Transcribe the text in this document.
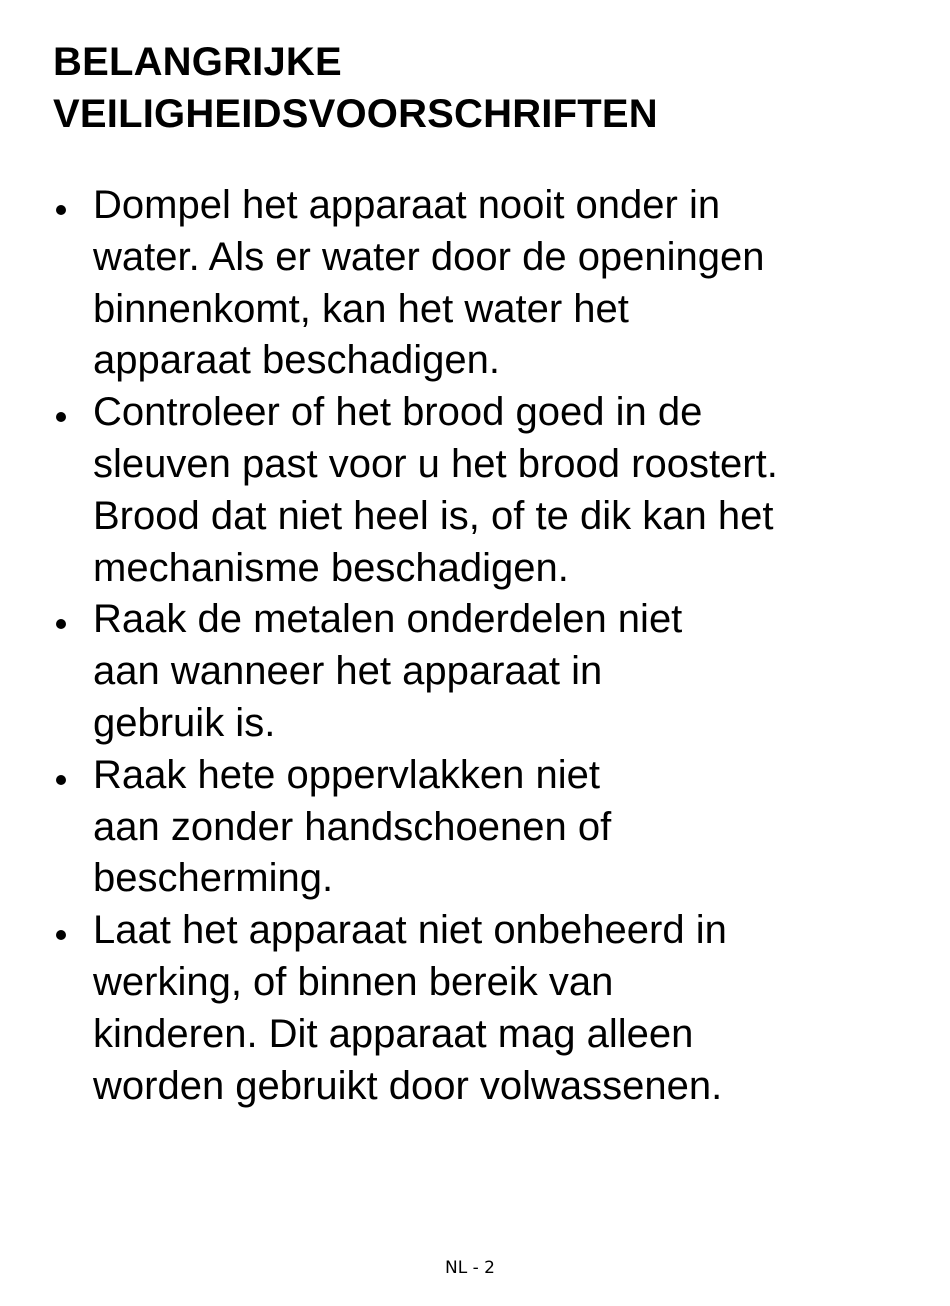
BELANGRIJKE
VEILIGHEIDSVOORSCHRIFTEN
Dompel het apparaat nooit onder in
water. Als er water door de openingen
binnenkomt, kan het water het
apparaat beschadigen.
Controleer of het brood goed in de
sleuven past voor u het brood roostert.
Brood dat niet heel is, of te dik kan het
mechanisme beschadigen.
Raak de metalen onderdelen niet
aan wanneer het apparaat in
gebruik is.
Raak hete oppervlakken niet
aan zonder handschoenen of
bescherming.
Laat het apparaat niet onbeheerd in
werking, of binnen bereik van
kinderen. Dit apparaat mag alleen
worden gebruikt door volwassenen.
NL - 2
